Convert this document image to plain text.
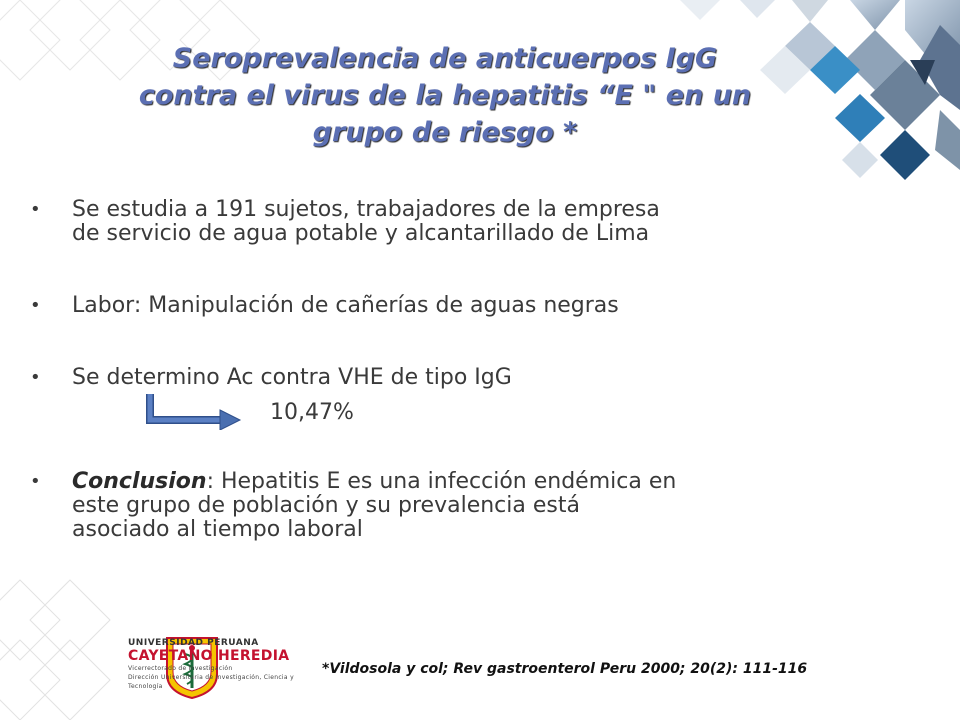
Seroprevalencia de anticuerpos IgG
contra el virus de la hepatitis “E " en un
grupo de riesgo *
•	Se estudia a 191 sujetos, trabajadores de la empresa
de servicio de agua potable y alcantarillado de Lima
•	Labor: Manipulación de cañerías de aguas negras
•	Se determino Ac contra VHE de tipo IgG
•	Conclusion: Hepatitis E es una infección endémica en
este grupo de población y su prevalencia está
asociado al tiempo laboral
10,47%
UNIVERSIDAD PERUANA
CAYETANO HEREDIA
Vicerrectorado de Investigación
Dirección Universitaria de Investigación, Ciencia y Tecnología
*Vildosola y col; Rev gastroenterol Peru 2000; 20(2): 111-116
